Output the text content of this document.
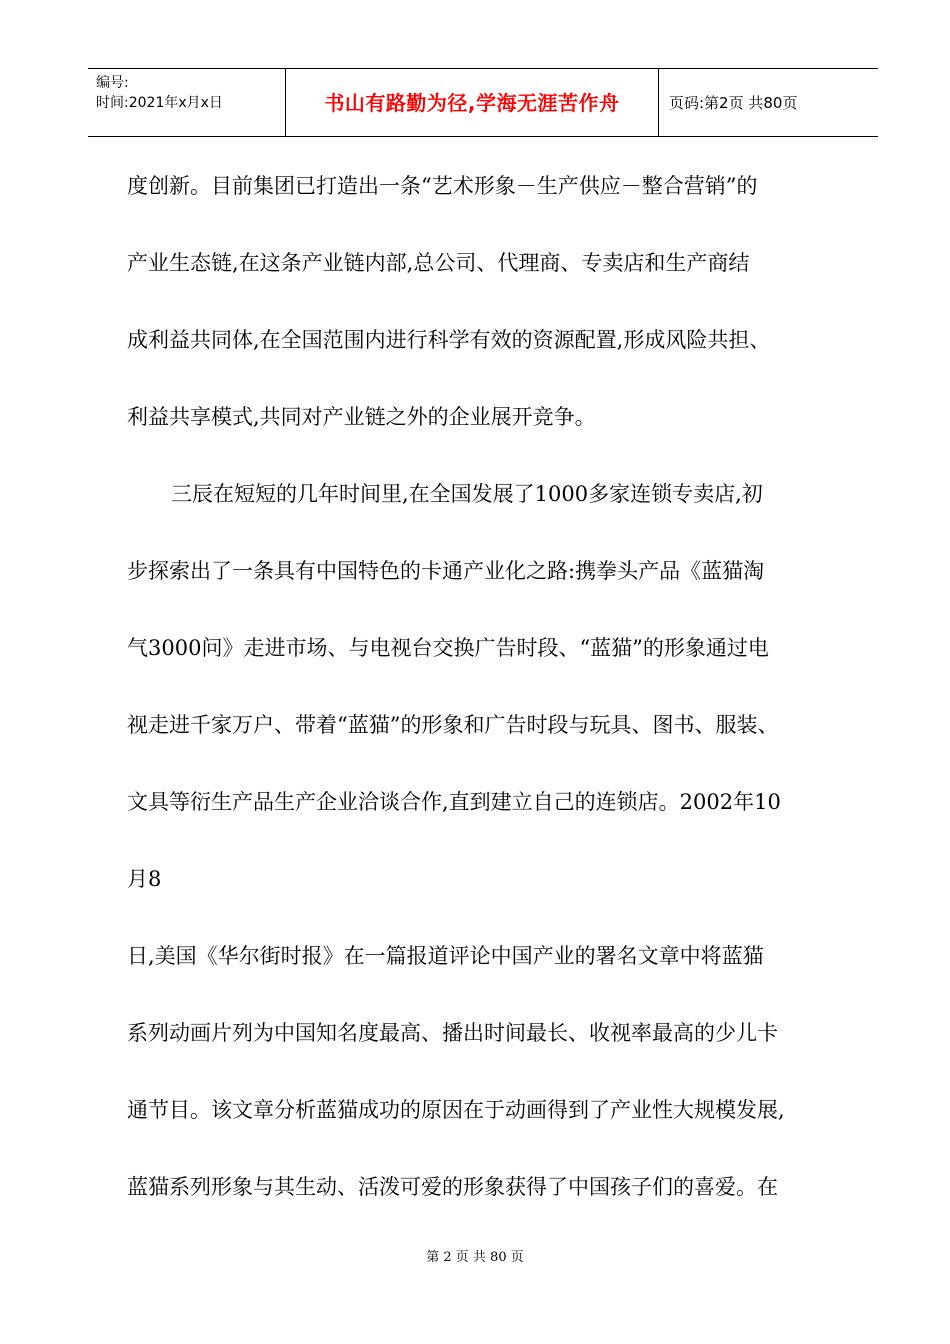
编号:
时间:2021年x月x日	书山有路勤为径,学海无涯苦作舟	页码:第2页 共80页
度创新。目前集团已打造出一条“艺术形象－生产供应－整合营销”的
产业生态链,在这条产业链内部,总公司、代理商、专卖店和生产商结
成利益共同体,在全国范围内进行科学有效的资源配置,形成风险共担、
利益共享模式,共同对产业链之外的企业展开竞争。
三辰在短短的几年时间里,在全国发展了1000多家连锁专卖店,初
步探索出了一条具有中国特色的卡通产业化之路:携拳头产品《蓝猫淘
气3000问》走进市场、与电视台交换广告时段、“蓝猫”的形象通过电
视走进千家万户、带着“蓝猫”的形象和广告时段与玩具、图书、服装、
文具等衍生产品生产企业洽谈合作,直到建立自己的连锁店。2002年10
月8
日,美国《华尔街时报》在一篇报道评论中国产业的署名文章中将蓝猫
系列动画片列为中国知名度最高、播出时间最长、收视率最高的少儿卡
通节目。该文章分析蓝猫成功的原因在于动画得到了产业性大规模发展,
蓝猫系列形象与其生动、活泼可爱的形象获得了中国孩子们的喜爱。在
第 2 页 共 80 页
